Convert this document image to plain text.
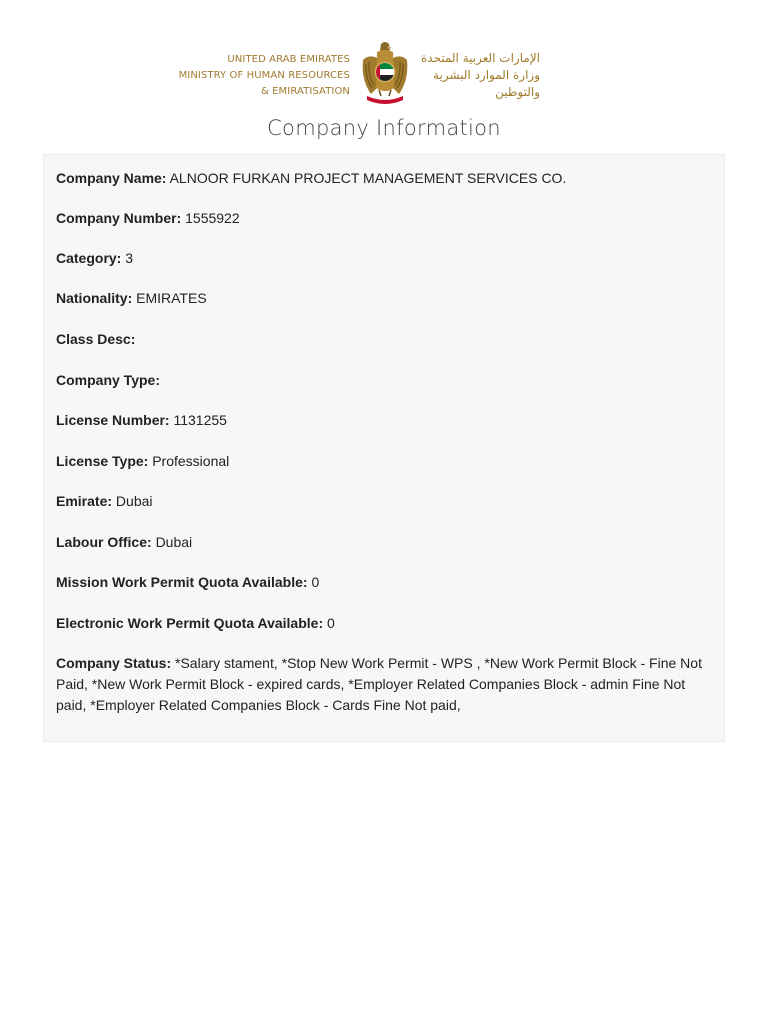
UNITED ARAB EMIRATES
MINISTRY OF HUMAN RESOURCES
& EMIRATISATION
الإمارات العربية المتحدة
وزارة الموارد البشرية
والتوطين
Company Information
Company Name: ALNOOR FURKAN PROJECT MANAGEMENT SERVICES CO.
Company Number: 1555922
Category: 3
Nationality: EMIRATES
Class Desc:
Company Type:
License Number: 1131255
License Type: Professional
Emirate: Dubai
Labour Office: Dubai
Mission Work Permit Quota Available: 0
Electronic Work Permit Quota Available: 0
Company Status: *Salary stament, *Stop New Work Permit - WPS , *New Work Permit Block - Fine Not Paid, *New Work Permit Block - expired cards, *Employer Related Companies Block - admin Fine Not paid, *Employer Related Companies Block - Cards Fine Not paid,
